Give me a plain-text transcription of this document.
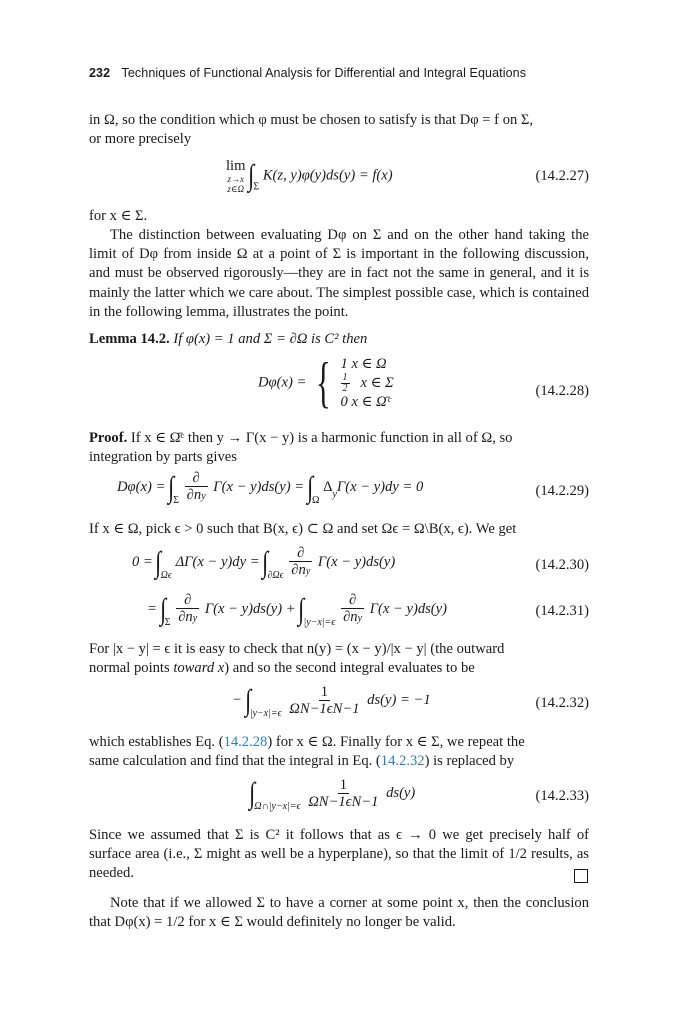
232 Techniques of Functional Analysis for Differential and Integral Equations

in Ω, so the condition which φ must be chosen to satisfy is that Dφ = f on Σ,

or more precisely

lim
z→x
z∈Ω $\int_\Sigma$ K(z, y)φ(y)ds(y) = f(x)	(14.2.27)

for x ∈ Σ.

The distinction between evaluating Dφ on Σ and on the other hand taking the limit of Dφ from inside Ω at a point of Σ is important in the following discussion, and must be observed rigorously—they are in fact not the same in general, and it is mainly the latter which we care about. The simplest possible case, which is contained in the following lemma, illustrates the point.

Lemma 14.2. If φ(x) = 1 and Σ = ∂Ω is C² then

Dφ(x) = { 1 x ∈ Ω
$\frac{1}{2}$ x ∈ Σ
0 x ∈ Ω̄ᶜ
(14.2.28)

Proof. If x ∈ Ω̄ᶜ then y → Γ(x − y) is a harmonic function in all of Ω, so

integration by parts gives

$D\varphi(x) = \int_\Sigma \frac{\partial}{\partial ny} \Gamma(x - y)ds(y) = \int_\Omega$ $\Delta_y\Gamma(x - y)dy = 0$	(14.2.29)

If x ∈ Ω, pick ϵ > 0 such that B(x, ϵ) ⊂ Ω and set Ωϵ = Ω\B(x, ϵ). We get

$0 = \int_{\Omega\epsilon}$ $\Delta\Gamma(x - y)dy = \int_{\partial\Omega\epsilon} \frac{\partial}{\partial ny} \Gamma(x - y)ds(y)$	(14.2.30)
= $\int_\Sigma \frac{\partial}{\partial ny} \Gamma(x - y)ds(y) + \int_{|y-x|=\epsilon} \frac{\partial}{\partial ny} \Gamma(x - y)ds(y)$	(14.2.31)

For |x − y| = ϵ it is easy to check that n(y) = (x − y)/|x − y| (the outward

normal points toward x) and so the second integral evaluates to be

− $\int_{|y-x|=\epsilon} \frac{1}{\Omega N-1\epsilon N-1} ds(y) = -1$	(14.2.32)

which establishes Eq. (14.2.28) for x ∈ Ω. Finally for x ∈ Σ, we repeat the

same calculation and find that the integral in Eq. (14.2.32) is replaced by

$\int_{\Omega\cap|y-x|=\epsilon} \frac{1}{\Omega N-1\epsilon N-1} ds(y)$	(14.2.33)

Since we assumed that Σ is C² it follows that as ϵ → 0 we get precisely half of surface area (i.e., Σ might as well be a hyperplane), so that the limit of 1/2 results, as needed.

Note that if we allowed Σ to have a corner at some point x, then the conclusion that Dφ(x) = 1/2 for x ∈ Σ would definitely no longer be valid.
